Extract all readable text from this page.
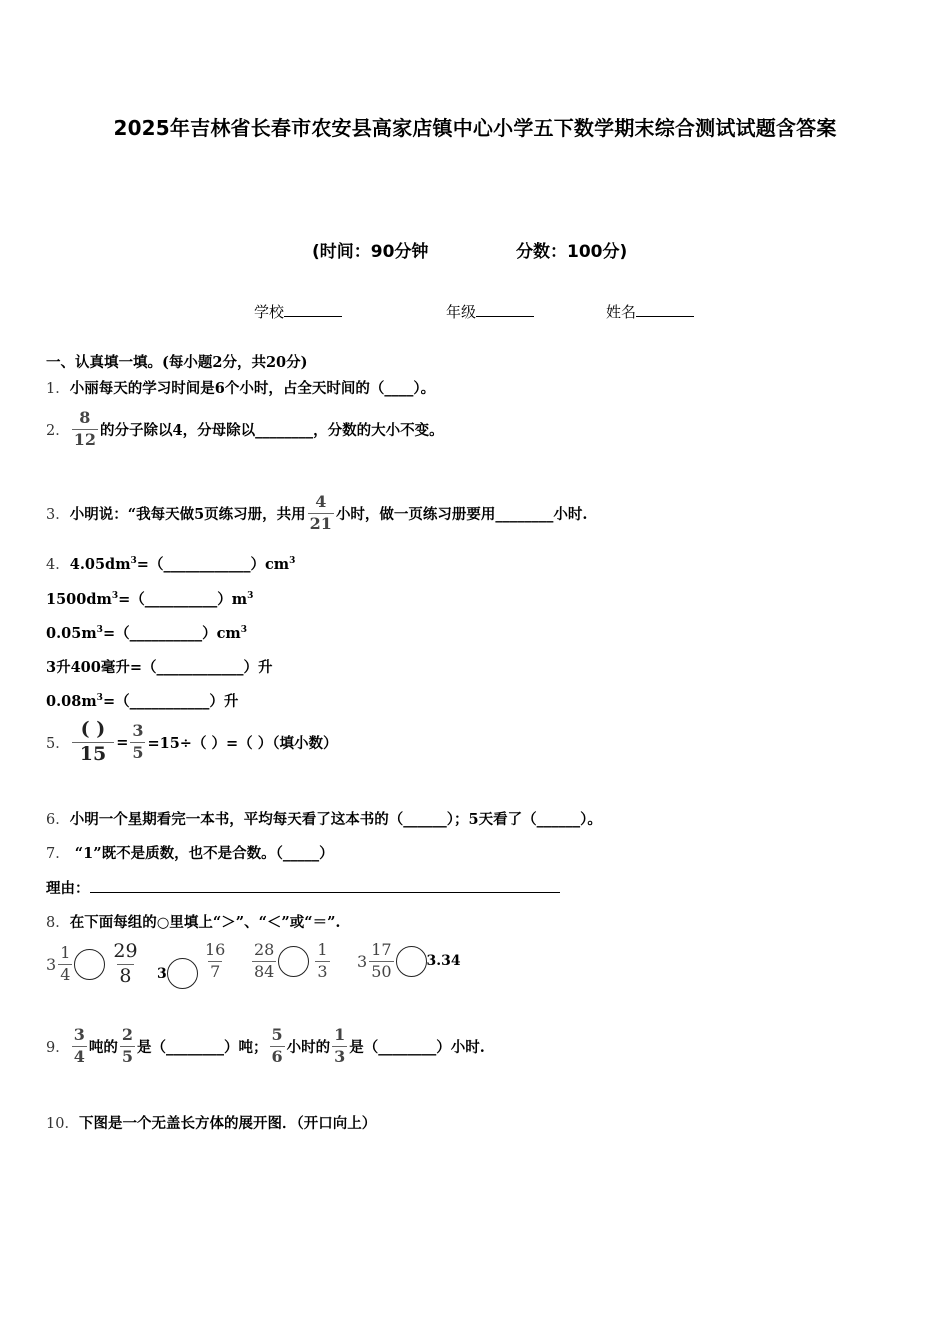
2025年吉林省长春市农安县高家店镇中心小学五下数学期末综合测试试题含答案
(时间：90分钟	分数：100分)
学校	年级	姓名
一、认真填一填。(每小题2分，共20分)
1．小丽每天的学习时间是6个小时，占全天时间的（____）。
2． $\frac{8}{12}$ 的分子除以4，分母除以________，分数的大小不变。
3． 小明说：“我每天做5页练习册，共用 $\frac{4}{21}$ 小时，做一页练习册要用________小时.
4．$4.05dm^3=(\_\_\_\_\_\_\_\_\_\_\_\_)cm^3$
$1500dm^3=(\_\_\_\_\_\_\_\_\_\_)m^3$
$0.05m^3=(\_\_\_\_\_\_\_\_\_\_)cm^3$
3升400毫升=（____________）升
$0.08m^3=(\_\_\_\_\_\_\_\_\_\_\_)$升
5． $\frac{( )}{15} = \frac{3}{5} =15\div$（ ）=（ ）（填小数）
6．小明一个星期看完一本书，平均每天看了这本书的（______）；5天看了（______）。
7． “1”既不是质数，也不是合数。（_____）
理由：
8．在下面每组的○里填上“＞”、“＜”或“＝”.
$3 \frac{1}{4} \frac{29}{8} 3 \frac{16}{7} \frac{28}{84} \frac{1}{3} 3 \frac{17}{50} 3.34$
9． $\frac{3}{4}$ 吨的 $\frac{2}{5}$ 是（________）吨； $\frac{5}{6}$ 小时的 $\frac{1}{3}$ 是（________）小时.
10．下图是一个无盖长方体的展开图．（开口向上）
